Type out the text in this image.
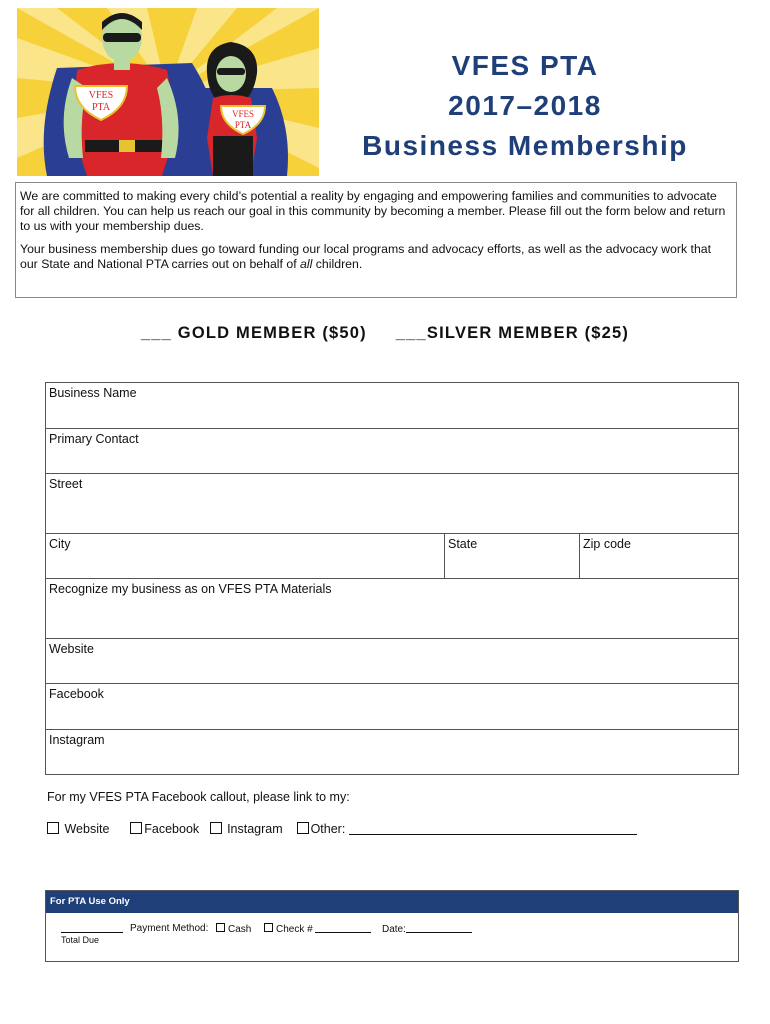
VFES
PTA
VFES
PTA
VFES PTA
2017–2018
Business Membership

We are committed to making every child’s potential a reality by engaging and empowering families and communities to advocate for all children. You can help us reach our goal in this community by becoming a member. Please fill out the form below and return to us with your membership dues.

Your business membership dues go toward funding our local programs and advocacy efforts, as well as the advocacy work that our State and National PTA carries out on behalf of all children.

___ GOLD MEMBER ($50) ___SILVER MEMBER ($25)
Business Name
Primary Contact
Street
City	State	Zip code
Recognize my business as on VFES PTA Materials
Website
Facebook
Instagram
For my VFES PTA Facebook callout, please link to my:
Website	Facebook Instagram Other:
For PTA Use Only
Total Due
Payment Method:	Cash	Check #	Date:
